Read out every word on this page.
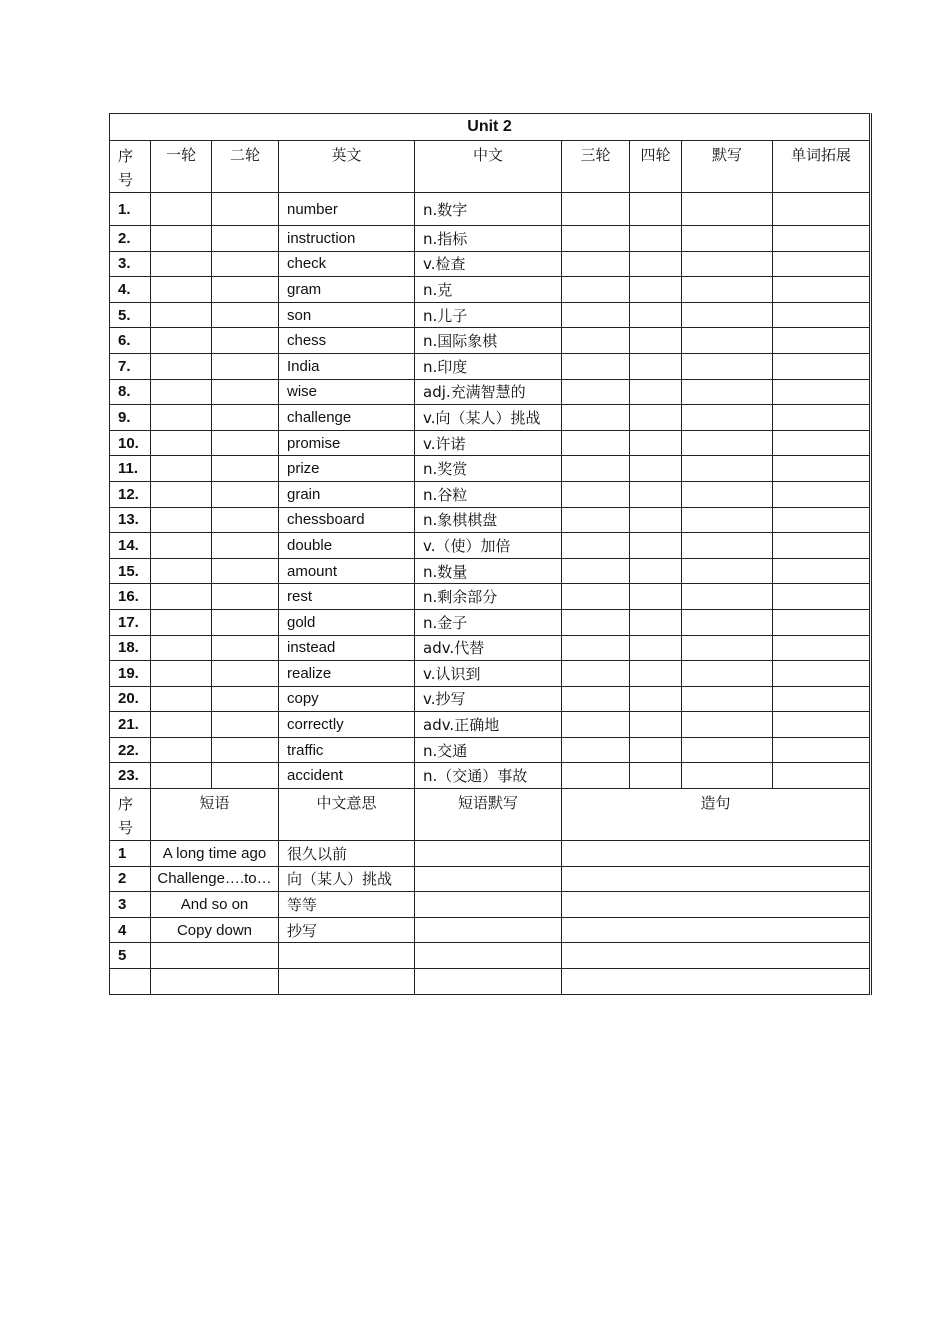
Unit 2								

序号	一轮	二轮	英文	中文	三轮	四轮	默写	单词拓展
1.			number	n.数字				
2.			instruction	n.指标				
3.			check	v.检查				
4.			gram	n.克				
5.			son	n.儿子				
6.			chess	n.国际象棋				
7.			India	n.印度				
8.			wise	adj.充满智慧的				
9.			challenge	v.向（某人）挑战				
10.			promise	v.许诺				
11.			prize	n.奖赏				
12.			grain	n.谷粒				
13.			chessboard	n.象棋棋盘				
14.			double	v.（使）加倍				
15.			amount	n.数量				
16.			rest	n.剩余部分				
17.			gold	n.金子				
18.			instead	adv.代替				
19.			realize	v.认识到				
20.			copy	v.抄写				
21.			correctly	adv.正确地				
22.			traffic	n.交通				
23.			accident	n.（交通）事故				

序号	短语		中文意思	短语默写	造句			
1	A long time ago		很久以前					
2	Challenge….to…		向（某人）挑战					
3	And so on		等等					
4	Copy down		抄写					
5								
